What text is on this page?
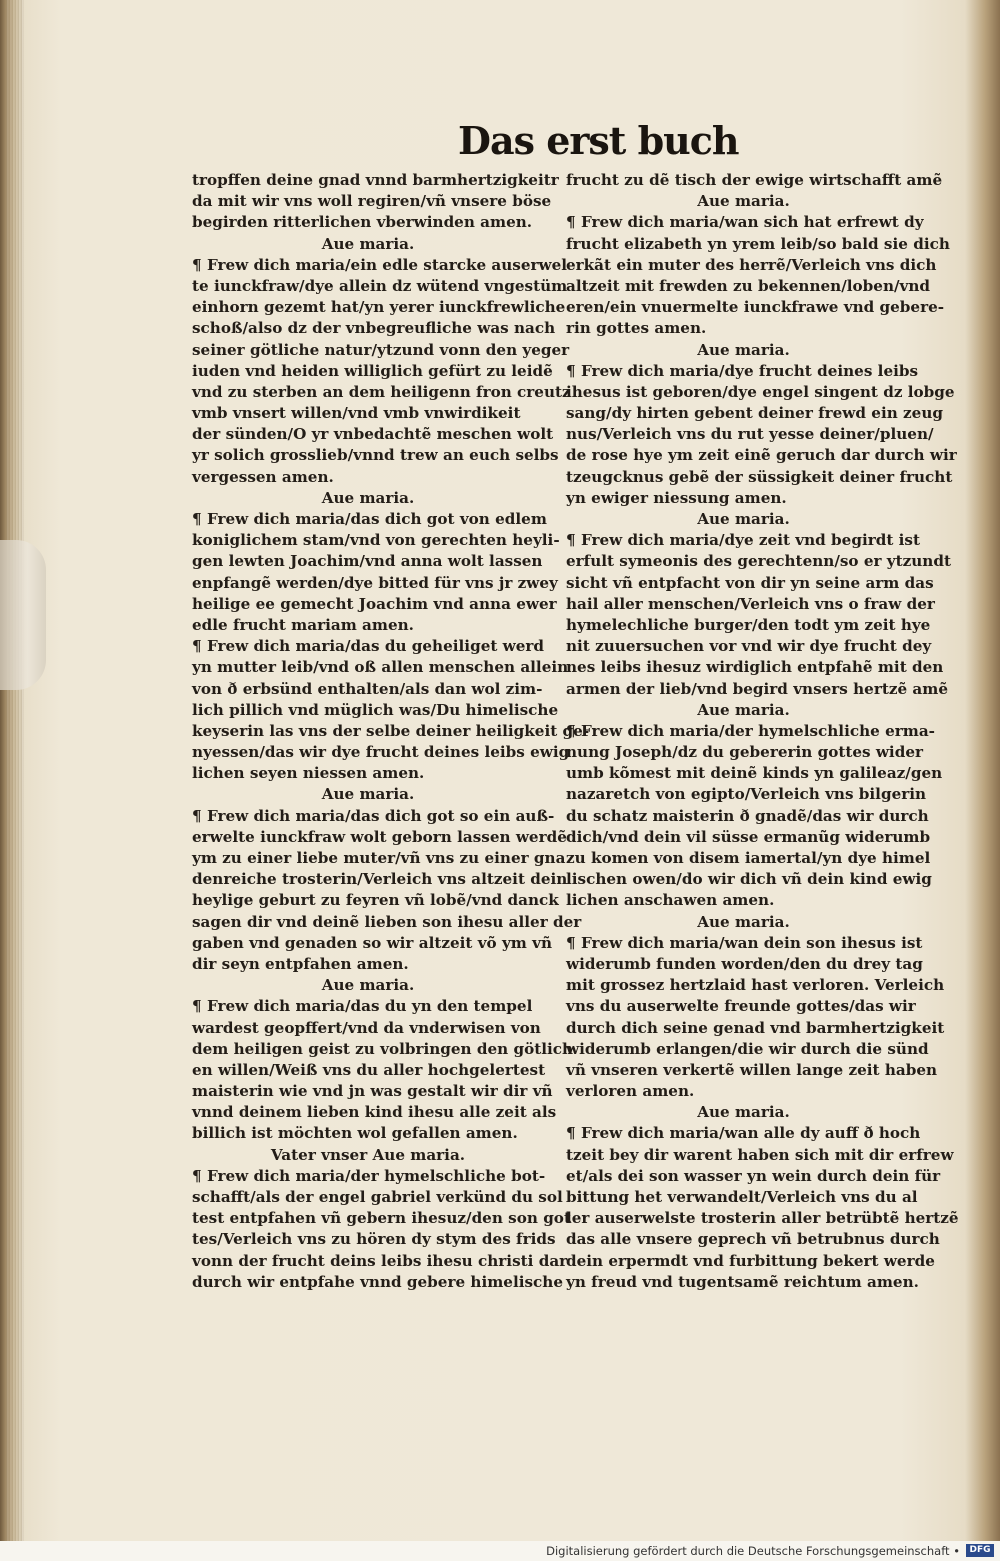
Das erst buch
tropffen deine gnad vnnd barmhertzigkeitr
da mit wir vns woll regiren/vñ vnsere böse
begirden ritterlichen vberwinden amen.
Aue maria.
¶ Frew dich maria/ein edle starcke auserwel
te iunckfraw/dye allein dz wütend vngestüm
einhorn gezemt hat/yn yerer iunckfrewliche
schoß/also dz der vnbegreufliche was nach
seiner götliche natur/ytzund vonn den yeger
iuden vnd heiden williglich gefürt zu leidẽ
vnd zu sterben an dem heiligenn fron creutz
vmb vnsert willen/vnd vmb vnwirdikeit
der sünden/O yr vnbedachtẽ meschen wolt
yr solich grosslieb/vnnd trew an euch selbs
vergessen amen.
Aue maria.
¶ Frew dich maria/das dich got von edlem
koniglichem stam/vnd von gerechten heyli-
gen lewten Joachim/vnd anna wolt lassen
enpfangẽ werden/dye bitted für vns jr zwey
heilige ee gemecht Joachim vnd anna ewer
edle frucht mariam amen.
¶ Frew dich maria/das du geheiliget werd
yn mutter leib/vnd oß allen menschen allein
von ð erbsünd enthalten/als dan wol zim-
lich pillich vnd müglich was/Du himelische
keyserin las vns der selbe deiner heiligkeit ge-
nyessen/das wir dye frucht deines leibs ewig
lichen seyen niessen amen.
Aue maria.
¶ Frew dich maria/das dich got so ein auß-
erwelte iunckfraw wolt geborn lassen werdẽ
ym zu einer liebe muter/vñ vns zu einer gna
denreiche trosterin/Verleich vns altzeit dein
heylige geburt zu feyren vñ lobẽ/vnd danck
sagen dir vnd deinẽ lieben son ihesu aller der
gaben vnd genaden so wir altzeit võ ym vñ
dir seyn entpfahen amen.
Aue maria.
¶ Frew dich maria/das du yn den tempel
wardest geopffert/vnd da vnderwisen von
dem heiligen geist zu volbringen den götlich
en willen/Weiß vns du aller hochgelertest
maisterin wie vnd jn was gestalt wir dir vñ
vnnd deinem lieben kind ihesu alle zeit als
billich ist möchten wol gefallen amen.
Vater vnser Aue maria.
¶ Frew dich maria/der hymelschliche bot-
schafft/als der engel gabriel verkünd du sol
test entpfahen vñ gebern ihesuz/den son got
tes/Verleich vns zu hören dy stym des frids
vonn der frucht deins leibs ihesu christi dar
durch wir entpfahe vnnd gebere himelische
frucht zu dẽ tisch der ewige wirtschafft amẽ
Aue maria.
¶ Frew dich maria/wan sich hat erfrewt dy
frucht elizabeth yn yrem leib/so bald sie dich
erkãt ein muter des herrẽ/Verleich vns dich
altzeit mit frewden zu bekennen/loben/vnd
eren/ein vnuermelte iunckfrawe vnd gebere-
rin gottes amen.
Aue maria.
¶ Frew dich maria/dye frucht deines leibs
ihesus ist geboren/dye engel singent dz lobge
sang/dy hirten gebent deiner frewd ein zeug
nus/Verleich vns du rut yesse deiner/pluen/
de rose hye ym zeit einẽ geruch dar durch wir
tzeugcknus gebẽ der süssigkeit deiner frucht
yn ewiger niessung amen.
Aue maria.
¶ Frew dich maria/dye zeit vnd begirdt ist
erfult symeonis des gerechtenn/so er ytzundt
sicht vñ entpfacht von dir yn seine arm das
hail aller menschen/Verleich vns o fraw der
hymelechliche burger/den todt ym zeit hye
nit zuuersuchen vor vnd wir dye frucht dey
nes leibs ihesuz wirdiglich entpfahẽ mit den
armen der lieb/vnd begird vnsers hertzẽ amẽ
Aue maria.
¶ Frew dich maria/der hymelschliche erma-
nung Joseph/dz du gebererin gottes wider
umb kõmest mit deinẽ kinds yn galileaz/gen
nazaretch von egipto/Verleich vns bilgerin
du schatz maisterin ð gnadẽ/das wir durch
dich/vnd dein vil süsse ermanũg widerumb
zu komen von disem iamertal/yn dye himel
lischen owen/do wir dich vñ dein kind ewig
lichen anschawen amen.
Aue maria.
¶ Frew dich maria/wan dein son ihesus ist
widerumb funden worden/den du drey tag
mit grossez hertzlaid hast verloren. Verleich
vns du auserwelte freunde gottes/das wir
durch dich seine genad vnd barmhertzigkeit
widerumb erlangen/die wir durch die sünd
vñ vnseren verkertẽ willen lange zeit haben
verloren amen.
Aue maria.
¶ Frew dich maria/wan alle dy auff ð hoch
tzeit bey dir warent haben sich mit dir erfrew
et/als dei son wasser yn wein durch dein für
bittung het verwandelt/Verleich vns du al
ler auserwelste trosterin aller betrübtẽ hertzẽ
das alle vnsere geprech vñ betrubnus durch
dein erpermdt vnd furbittung bekert werde
yn freud vnd tugentsamẽ reichtum amen.
Digitalisierung gefördert durch die Deutsche Forschungsgemeinschaft •	DFG
